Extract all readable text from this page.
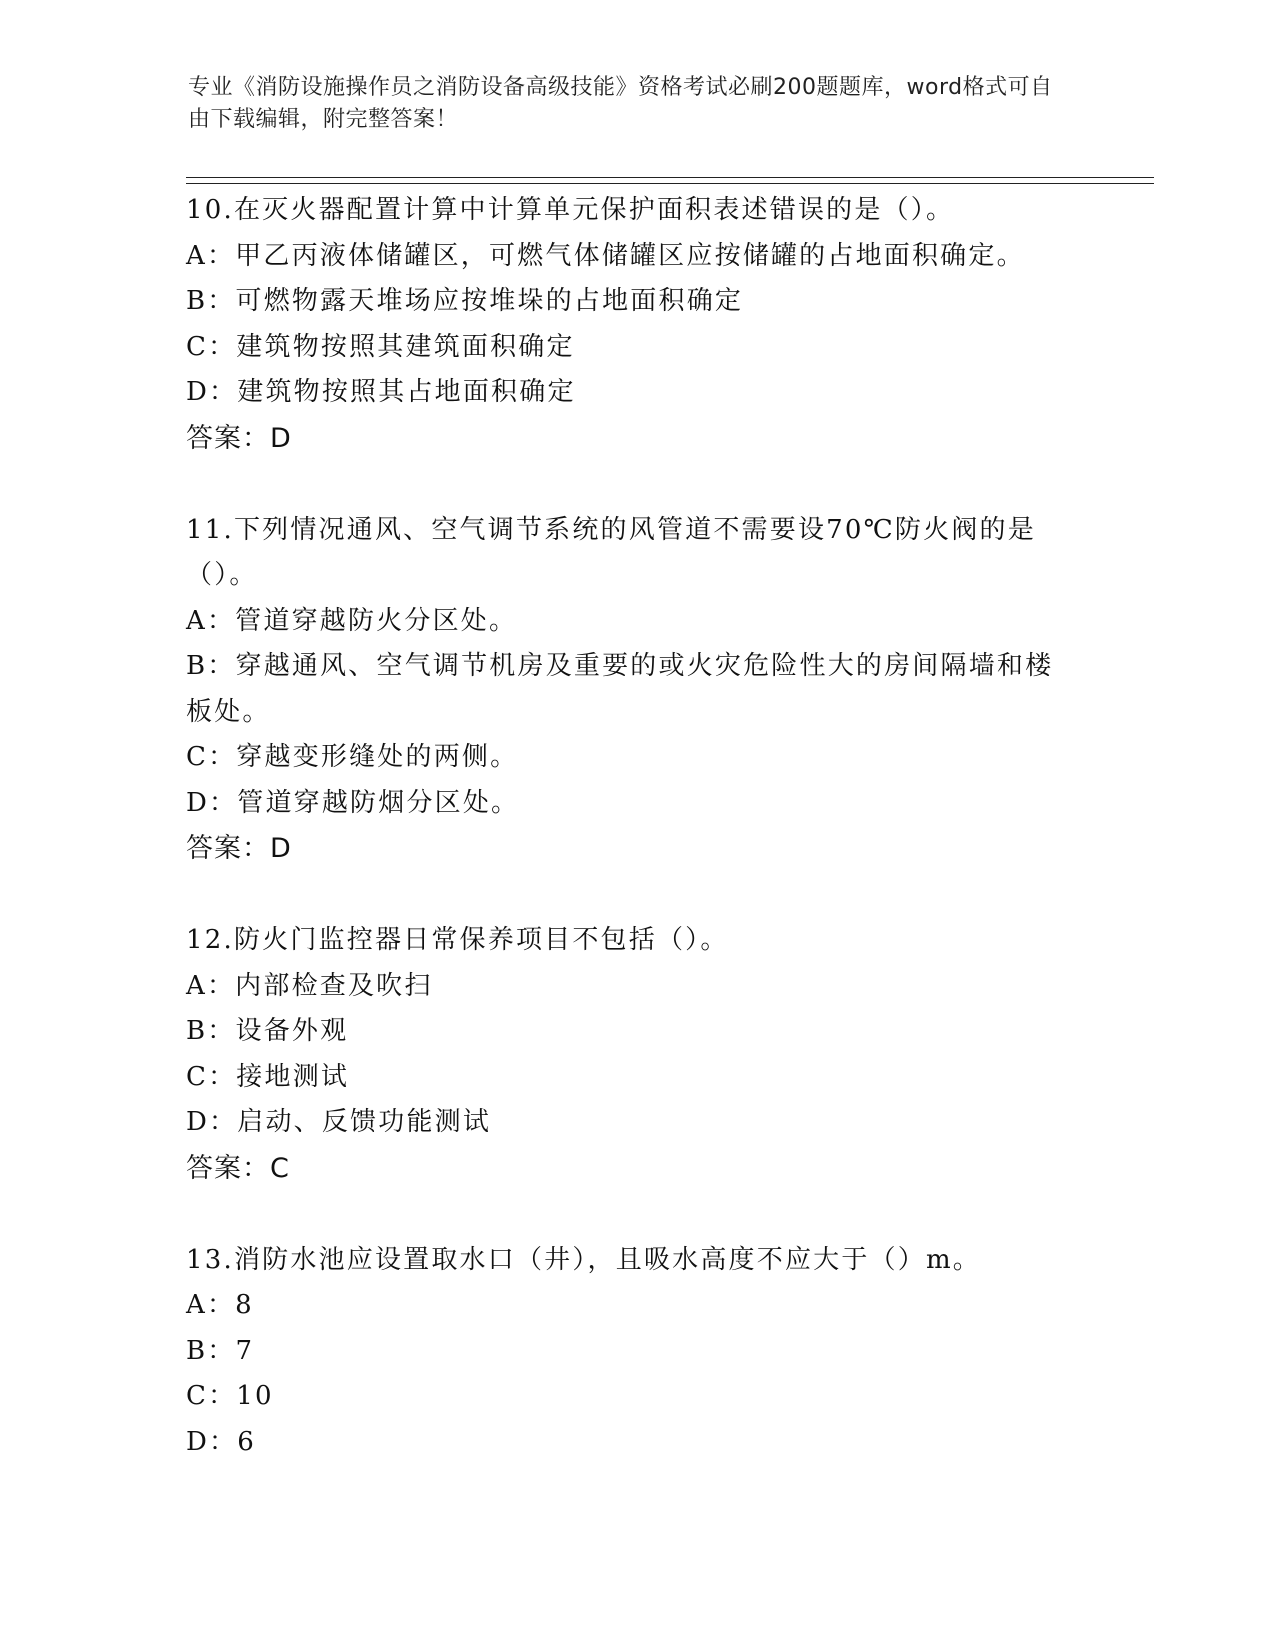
专业《消防设施操作员之消防设备高级技能》资格考试必刷200题题库，word格式可自由下载编辑，附完整答案！

10.在灭火器配置计算中计算单元保护面积表述错误的是（）。

A：甲乙丙液体储罐区，可燃气体储罐区应按储罐的占地面积确定。

B：可燃物露天堆场应按堆垛的占地面积确定

C：建筑物按照其建筑面积确定

D：建筑物按照其占地面积确定

答案：D

11.下列情况通风、空气调节系统的风管道不需要设70℃防火阀的是（）。

A：管道穿越防火分区处。

B：穿越通风、空气调节机房及重要的或火灾危险性大的房间隔墙和楼板处。

C：穿越变形缝处的两侧。

D：管道穿越防烟分区处。

答案：D

12.防火门监控器日常保养项目不包括（）。

A：内部检查及吹扫

B：设备外观

C：接地测试

D：启动、反馈功能测试

答案：C

13.消防水池应设置取水口（井），且吸水高度不应大于（）m。

A：8

B：7

C：10

D：6
